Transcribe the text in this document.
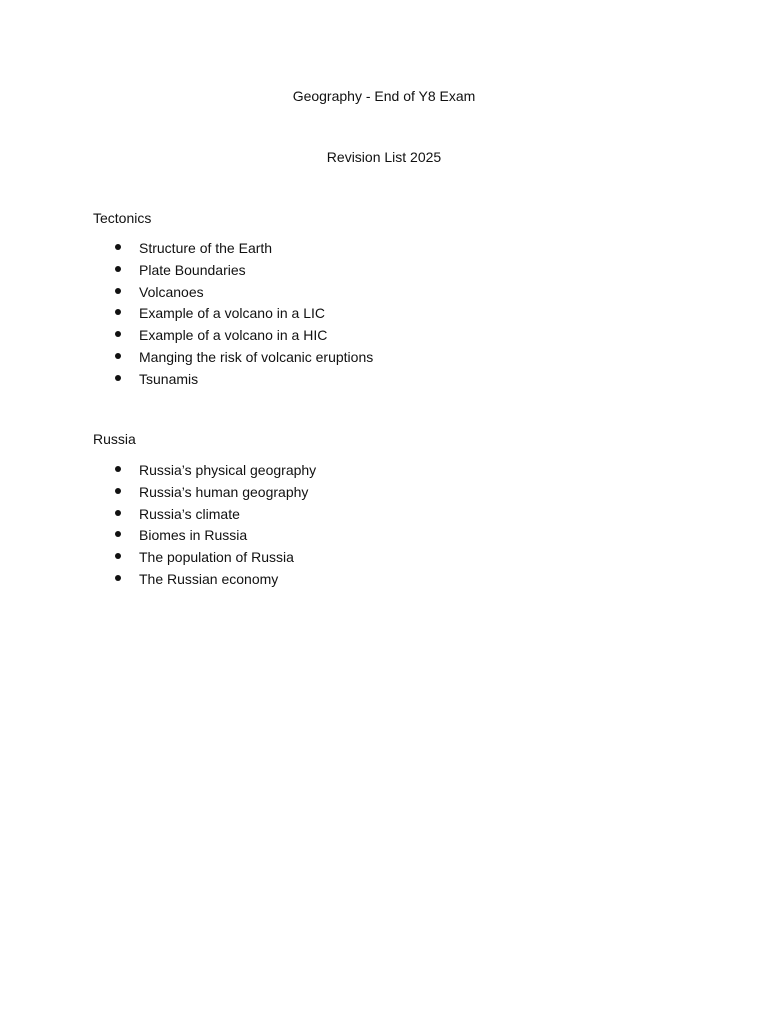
Geography - End of Y8 Exam
Revision List 2025
Tectonics
Structure of the Earth
Plate Boundaries
Volcanoes
Example of a volcano in a LIC
Example of a volcano in a HIC
Manging the risk of volcanic eruptions
Tsunamis
Russia
Russia’s physical geography
Russia’s human geography
Russia’s climate
Biomes in Russia
The population of Russia
The Russian economy
